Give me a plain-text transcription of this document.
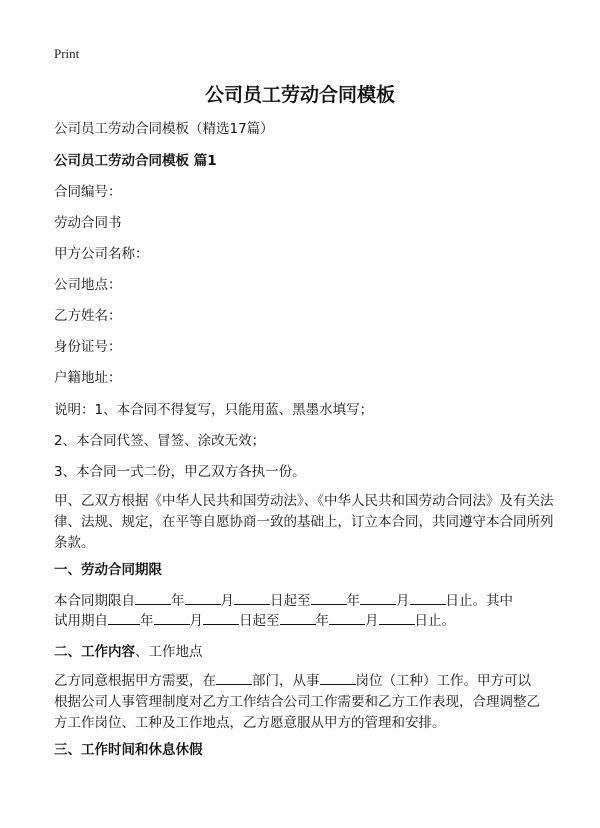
Print
公司员工劳动合同模板

公司员工劳动合同模板（精选17篇）

公司员工劳动合同模板 篇1

合同编号：

劳动合同书

甲方公司名称：

公司地点：

乙方姓名：

身份证号：

户籍地址：

说明：1、本合同不得复写，只能用蓝、黑墨水填写；

2、本合同代签、冒签、涂改无效；

3、本合同一式二份，甲乙双方各执一份。

甲、乙双方根据《中华人民共和国劳动法》、《中华人民共和国劳动合同法》及有关法律、法规、规定，在平等自愿协商一致的基础上，订立本合同，共同遵守本合同所列条款。

一、劳动合同期限

本合同期限自	年	月	日起至	年	月	日止。其中

试用期自 年	月	日起至	年	月	日止。

二、工作内容、工作地点

乙方同意根据甲方需要，在	部门，从事	岗位（工种）工作。甲方可以

根据公司人事管理制度对乙方工作结合公司工作需要和乙方工作表现，合理调整乙

方工作岗位、工种及工作地点，乙方愿意服从甲方的管理和安排。

三、工作时间和休息休假
